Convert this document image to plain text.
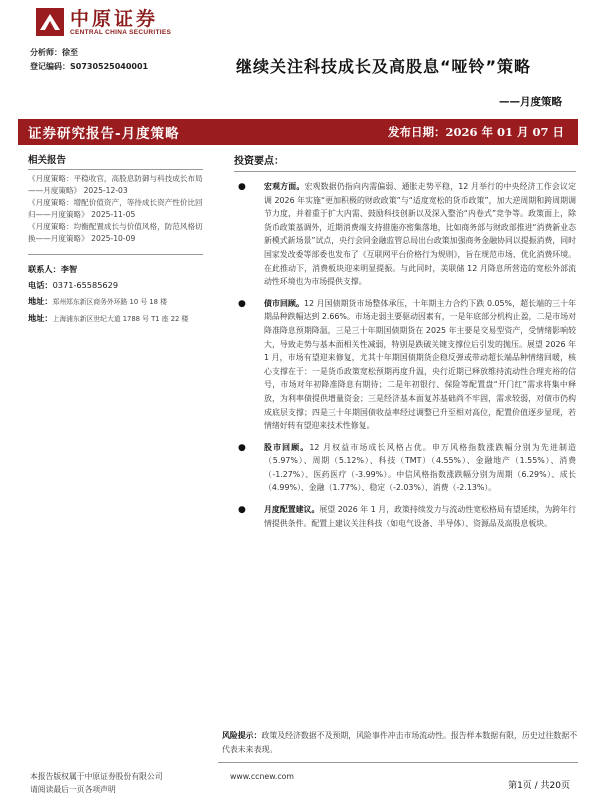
中原证券
CENTRAL CHINA SECURITIES
分析师：徐至
登记编码：S0730525040001	继续关注科技成长及高股息“哑铃”策略
——月度策略
证券研究报告-月度策略	发布日期：2026 年 01 月 07 日
相关报告
《月度策略：平稳收官，高股息防御与科技成长布局——月度策略》 2025-12-03
《月度策略：增配价值资产，等待成长资产性价比回归——月度策略》 2025-11-05
《月度策略：均衡配置成长与价值风格，防范风格切换——月度策略》 2025-10-09
联系人：李智
电话：0371-65585629
地址：郑州郑东新区商务外环路 10 号 18 楼
地址：上海浦东新区世纪大道 1788 号 T1 座 22 楼
投资要点：
● 宏观方面。宏观数据仍指向内需偏弱、通胀走势平稳，12 月举行的中央经济工作会议定调 2026 年实施“更加积极的财政政策”与“适度宽松的货币政策”，加大逆周期和跨周期调节力度，并着重于扩大内需、鼓励科技创新以及深入整治“内卷式”竞争等。政策面上，除货币政策基调外，近期消费端支持措施亦密集落地，比如商务部与财政部推进“消费新业态新模式新场景”试点，央行会同金融监管总局出台政策加强商务金融协同以提振消费，同时国家发改委等部委也发布了《互联网平台价格行为规则》，旨在规范市场、优化消费环境。在此推动下，消费板块迎来明显提振。与此同时，美联储 12 月降息所营造的宽松外部流动性环境也为市场提供支撑。
● 债市回顾。12 月国债期货市场整体承压，十年期主力合约下跌 0.05%，超长端的三十年期品种跌幅达到 2.66%。市场走弱主要驱动因素有，一是年底部分机构止盈，二是市场对降准降息预期降温，三是三十年期国债期货在 2025 年主要是交易型资产，受情绪影响较大，导致走势与基本面相关性减弱，特别是跌破关键支撑位后引发的抛压。展望 2026 年 1 月，市场有望迎来修复，尤其十年期国债期货企稳反弹或带动超长端品种情绪回暖，核心支撑在于：一是货币政策宽松预期再度升温，央行近期已释放维持流动性合理充裕的信号，市场对年初降准降息有期待；二是年初银行、保险等配置盘“开门红”需求将集中释放，为利率债提供增量资金；三是经济基本面复苏基础尚不牢固，需求较弱，对债市仍构成底层支撑；四是三十年期国债收益率经过调整已升至相对高位，配置价值逐步显现，若情绪好转有望迎来技术性修复。
● 股市回顾。12 月权益市场成长风格占优。申万风格指数涨跌幅分别为先进制造（5.97%）、周期（5.12%）、科技（TMT）（4.55%）、金融地产（1.55%）、消费（-1.27%）、医药医疗（-3.99%）。中信风格指数涨跌幅分别为周期（6.29%）、成长（4.99%）、金融（1.77%）、稳定（-2.03%）、消费（-2.13%）。
● 月度配置建议。展望 2026 年 1 月，政策持续发力与流动性宽松格局有望延续，为跨年行情提供条件。配置上建议关注科技（如电气设备、半导体）、资源品及高股息板块。
风险提示：政策及经济数据不及预期，风险事件冲击市场流动性。报告样本数据有限，历史过往数据不代表未来表现。
本报告版权属于中原证券股份有限公司
请阅读最后一页各项声明
www.ccnew.com
第1页 / 共20页
